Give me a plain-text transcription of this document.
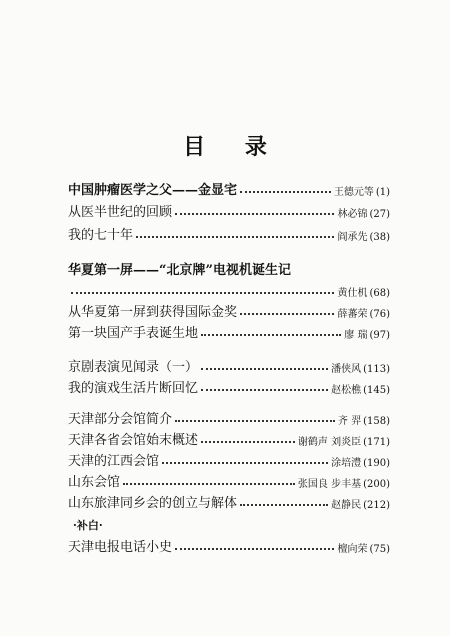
目 录
中国肿瘤医学之父——金显宅	王德元等 (1)
从医半世纪的回顾	林必锦 (27)
我的七十年	阎承先 (38)
华夏第一屏——“北京牌”电视机诞生记
黄仕机 (68)
从华夏第一屏到获得国际金奖	薛蕃荣 (76)
第一块国产手表诞生地	廖 瑞 (97)
京剧表演见闻录（一）	潘侠风 (113)
我的演戏生活片断回忆	赵松樵 (145)
天津部分会馆简介	齐 羿 (158)
天津各省会馆始末概述	谢鹤声 刘炎臣 (171)
天津的江西会馆	涂培澧 (190)
山东会馆	张国良 步丰基 (200)
山东旅津同乡会的创立与解体	赵静民 (212)
·补白·
天津电报电话小史	檀向荣 (75)
